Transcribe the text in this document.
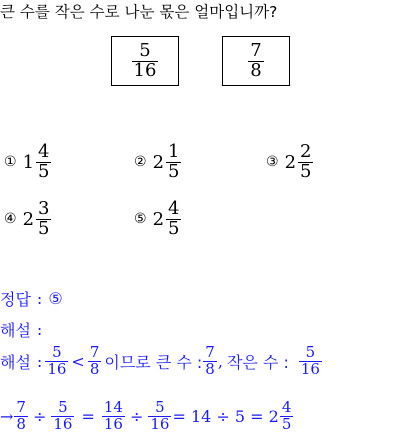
큰 수를 작은 수로 나눈 몫은 얼마입니까?
$\frac{5}{16}$	$\frac{7}{8}$
① $1 \frac{4}{5}$	② $2 \frac{1}{5}$	③ $2 \frac{2}{5}$
④ $2 \frac{3}{5}$	⑤ $2 \frac{4}{5}$
정답 : ⑤
해설 :
해설 : $\frac{5}{16} < \frac{7}{8}$ 이므로 큰 수 : $\frac{7}{8}$ , 작은 수 : $\frac{5}{16}$
→ $\frac{7}{8} \div \frac{5}{16} = \frac{14}{16} \div \frac{5}{16} = 14 \div 5 = 2 \frac{4}{5}$
